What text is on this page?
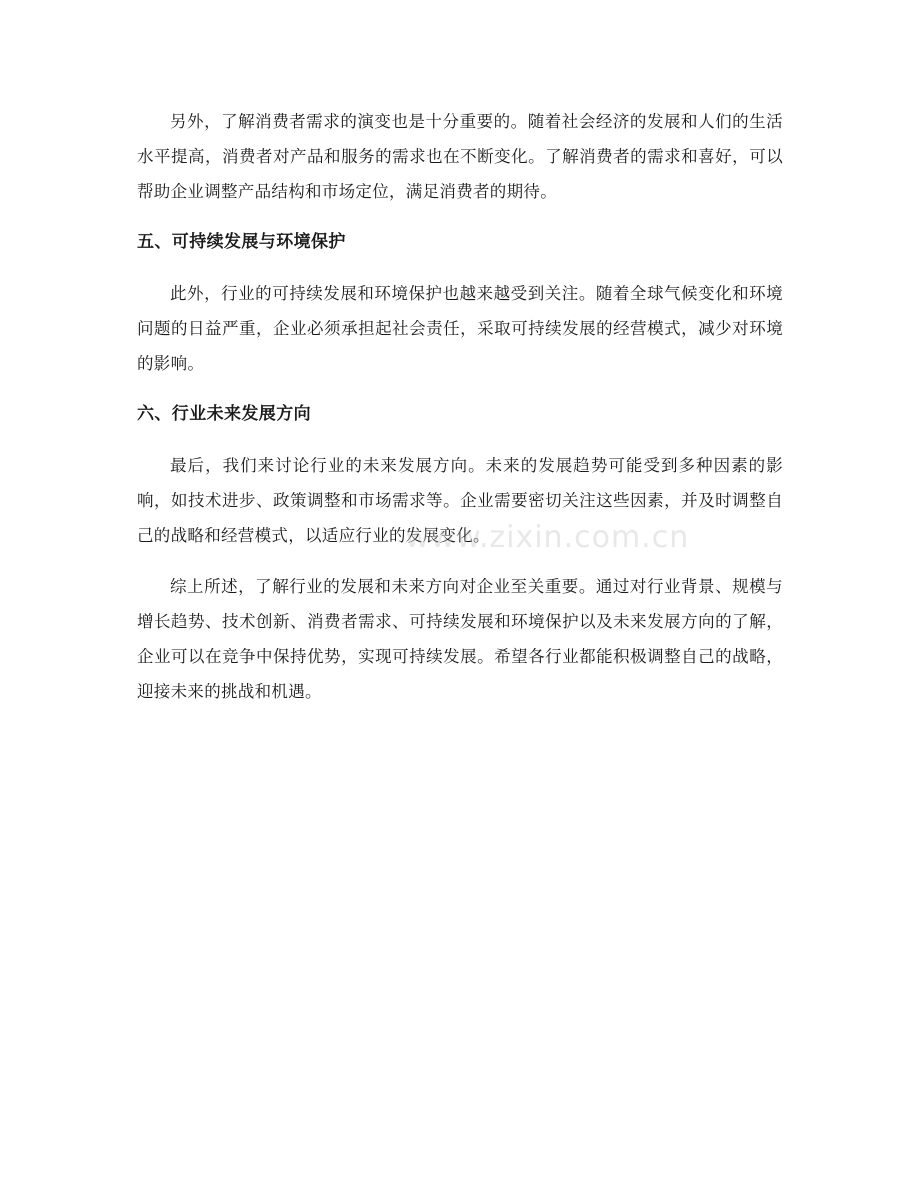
另外，了解消费者需求的演变也是十分重要的。随着社会经济的发展和人们的生活水平提高，消费者对产品和服务的需求也在不断变化。了解消费者的需求和喜好，可以帮助企业调整产品结构和市场定位，满足消费者的期待。

五、可持续发展与环境保护

此外，行业的可持续发展和环境保护也越来越受到关注。随着全球气候变化和环境问题的日益严重，企业必须承担起社会责任，采取可持续发展的经营模式，减少对环境的影响。

六、行业未来发展方向

最后，我们来讨论行业的未来发展方向。未来的发展趋势可能受到多种因素的影响，如技术进步、政策调整和市场需求等。企业需要密切关注这些因素，并及时调整自己的战略和经营模式，以适应行业的发展变化。

综上所述，了解行业的发展和未来方向对企业至关重要。通过对行业背景、规模与增长趋势、技术创新、消费者需求、可持续发展和环境保护以及未来发展方向的了解，企业可以在竞争中保持优势，实现可持续发展。希望各行业都能积极调整自己的战略，迎接未来的挑战和机遇。

www.zixin.com.cn
